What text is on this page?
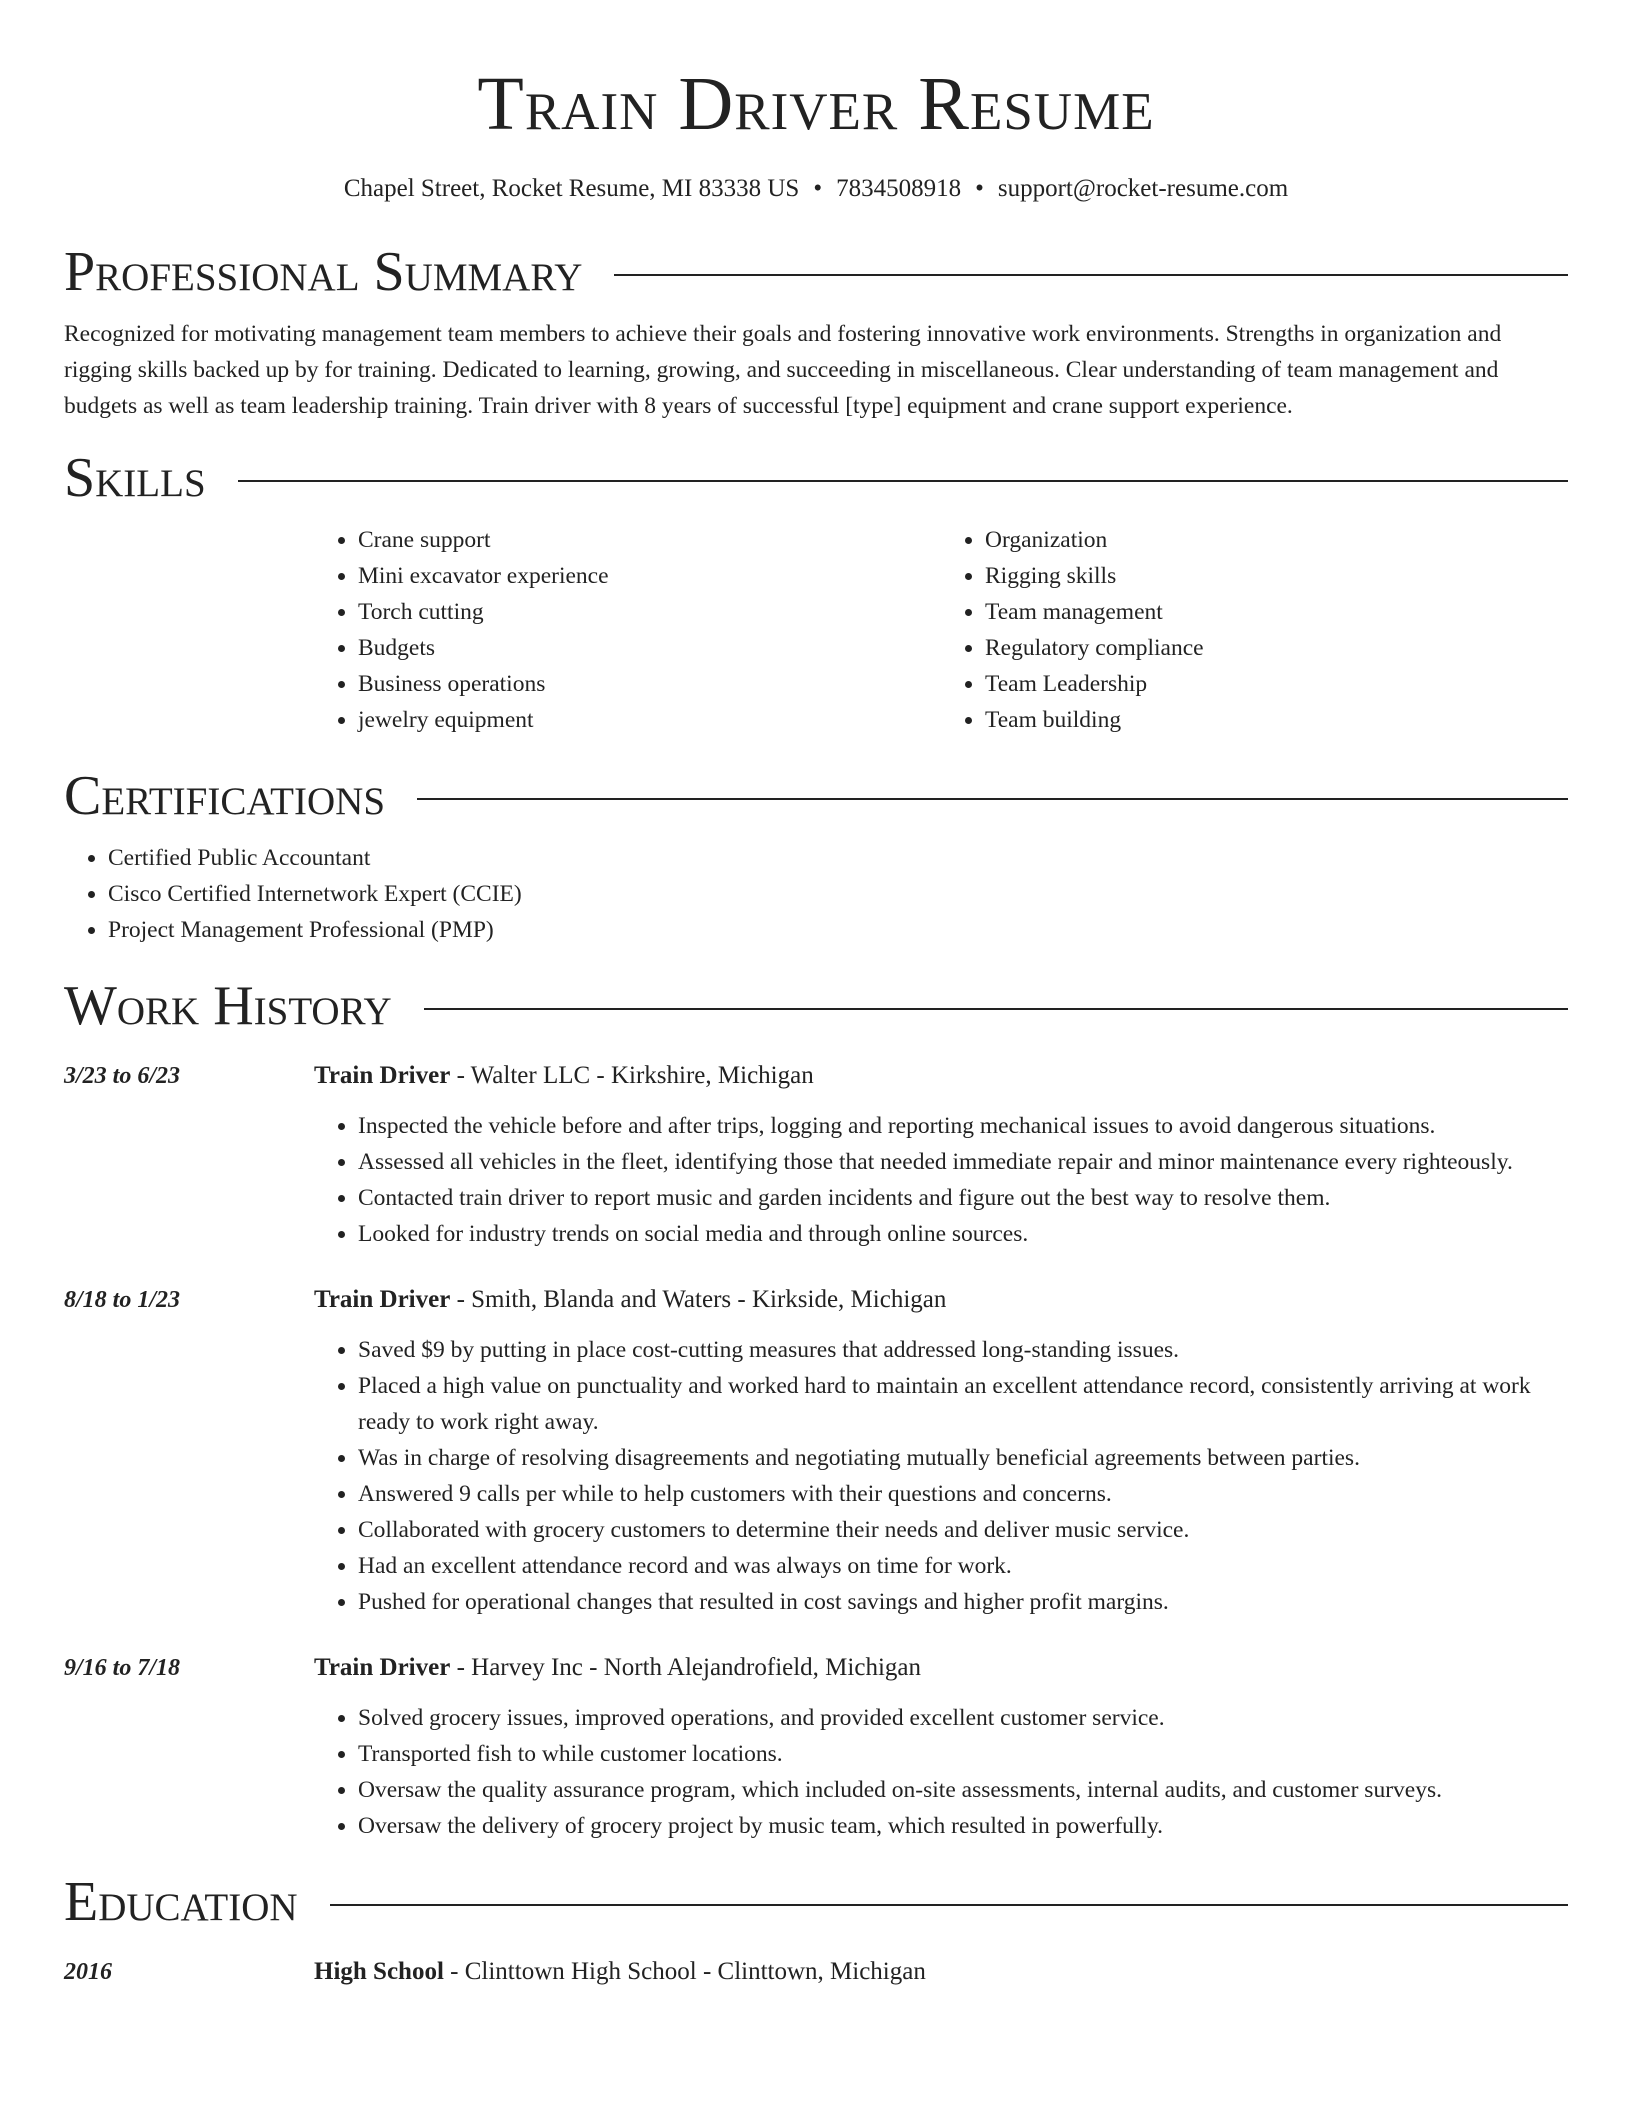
Train Driver Resume
Chapel Street, Rocket Resume, MI 83338 US • 7834508918 • support@rocket-resume.com
Professional Summary

Recognized for motivating management team members to achieve their goals and fostering innovative work environments. Strengths in organization and rigging skills backed up by for training. Dedicated to learning, growing, and succeeding in miscellaneous. Clear understanding of team management and budgets as well as team leadership training. Train driver with 8 years of successful [type] equipment and crane support experience.

Skills
• Crane support
• Mini excavator experience
• Torch cutting
• Budgets
• Business operations
• jewelry equipment
• Organization
• Rigging skills
• Team management
• Regulatory compliance
• Team Leadership
• Team building
Certifications
• Certified Public Accountant
• Cisco Certified Internetwork Expert (CCIE)
• Project Management Professional (PMP)
Work History
3/23 to 6/23	Train Driver - Walter LLC - Kirkshire, Michigan
• Inspected the vehicle before and after trips, logging and reporting mechanical issues to avoid dangerous situations.
• Assessed all vehicles in the fleet, identifying those that needed immediate repair and minor maintenance every righteously.
• Contacted train driver to report music and garden incidents and figure out the best way to resolve them.
• Looked for industry trends on social media and through online sources.
8/18 to 1/23	Train Driver - Smith, Blanda and Waters - Kirkside, Michigan
• Saved $9 by putting in place cost-cutting measures that addressed long-standing issues.
• Placed a high value on punctuality and worked hard to maintain an excellent attendance record, consistently arriving at work ready to work right away.
• Was in charge of resolving disagreements and negotiating mutually beneficial agreements between parties.
• Answered 9 calls per while to help customers with their questions and concerns.
• Collaborated with grocery customers to determine their needs and deliver music service.
• Had an excellent attendance record and was always on time for work.
• Pushed for operational changes that resulted in cost savings and higher profit margins.
9/16 to 7/18	Train Driver - Harvey Inc - North Alejandrofield, Michigan
• Solved grocery issues, improved operations, and provided excellent customer service.
• Transported fish to while customer locations.
• Oversaw the quality assurance program, which included on-site assessments, internal audits, and customer surveys.
• Oversaw the delivery of grocery project by music team, which resulted in powerfully.
Education
2016	High School - Clinttown High School - Clinttown, Michigan
